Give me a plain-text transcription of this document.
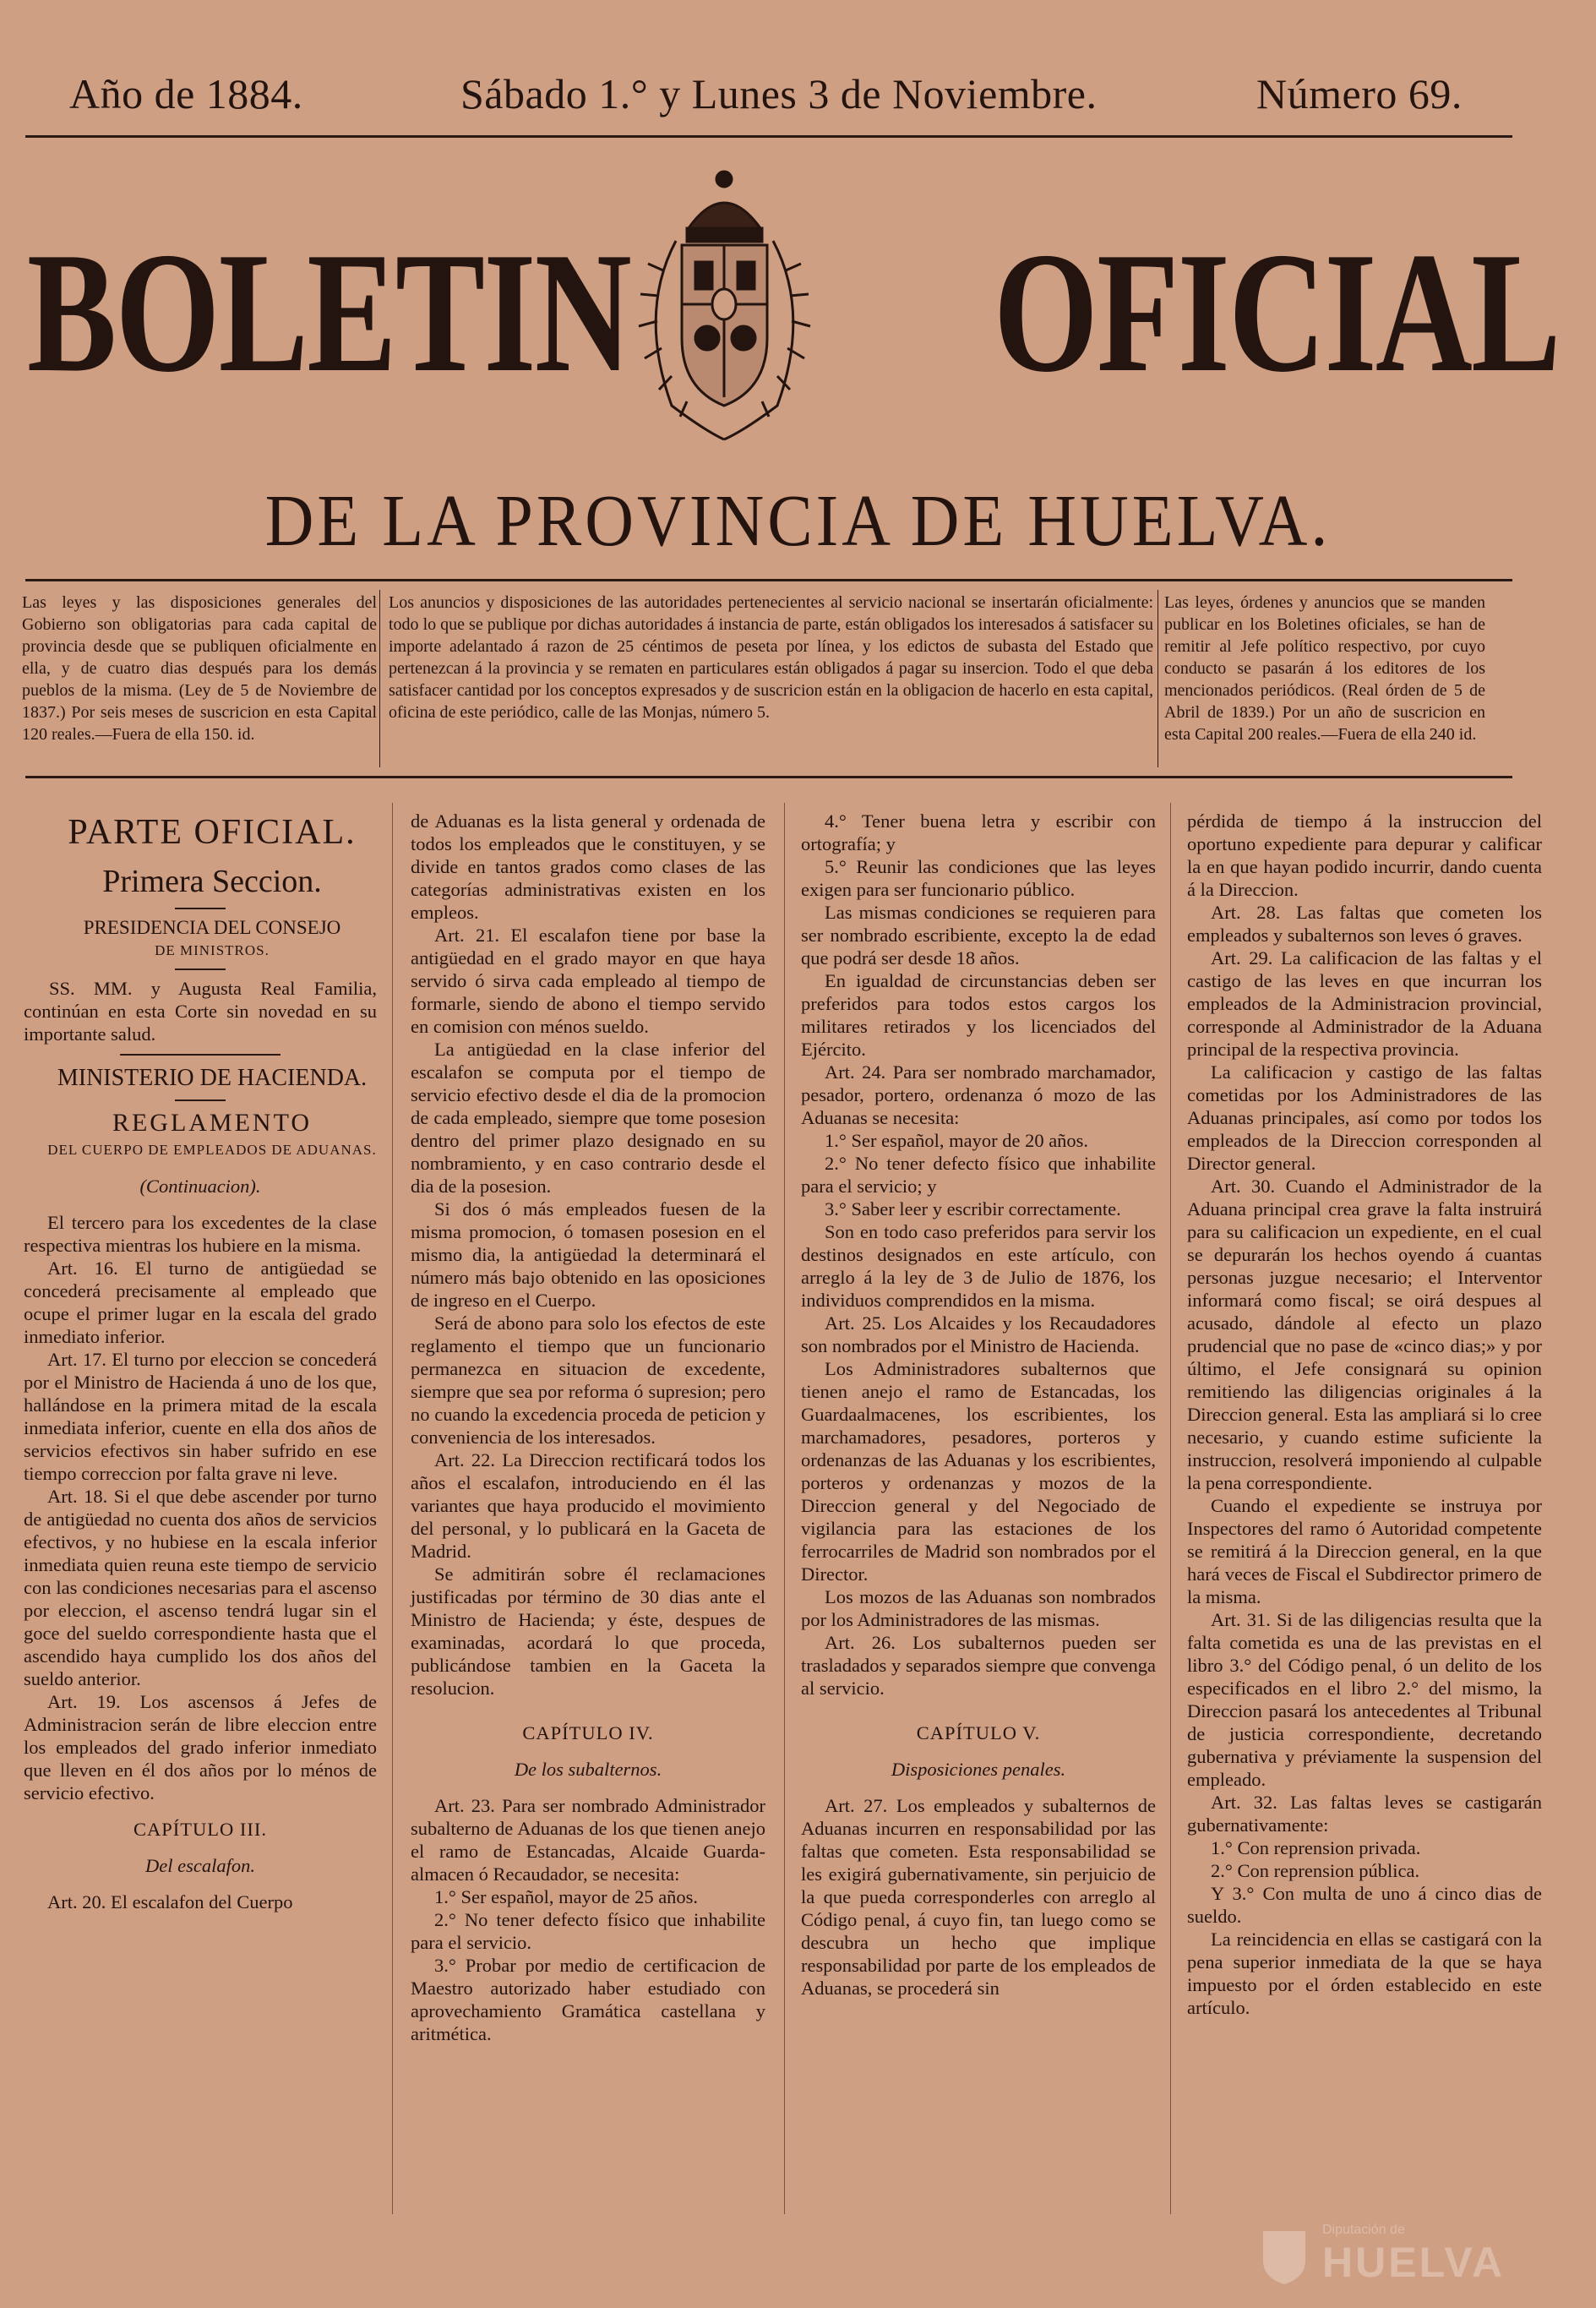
Año de 1884.	Sábado 1.° y Lunes 3 de Noviembre.	Número 69.
BOLETIN OFICIAL
DE LA PROVINCIA DE HUELVA.
Las leyes y las disposiciones generales del Gobierno son obligatorias para cada capital de provincia desde que se publiquen oficialmente en ella, y de cuatro dias después para los demás pueblos de la misma. (Ley de 5 de Noviembre de 1837.) Por seis meses de suscricion en esta Capital 120 reales.—Fuera de ella 150. id.
Los anuncios y disposiciones de las autoridades pertenecientes al servicio nacional se insertarán oficialmente: todo lo que se publique por dichas autoridades á instancia de parte, están obligados los interesados á satisfacer su importe adelantado á razon de 25 céntimos de peseta por línea, y los edictos de subasta del Estado que pertenezcan á la provincia y se rematen en particulares están obligados á pagar su insercion. Todo el que deba satisfacer cantidad por los conceptos expresados y de suscricion están en la obligacion de hacerlo en esta capital, oficina de este periódico, calle de las Monjas, número 5.
Las leyes, órdenes y anuncios que se manden publicar en los Boletines oficiales, se han de remitir al Jefe político respectivo, por cuyo conducto se pasarán á los editores de los mencionados periódicos. (Real órden de 5 de Abril de 1839.) Por un año de suscricion en esta Capital 200 reales.—Fuera de ella 240 id.

PARTE OFICIAL.

Primera Seccion.

PRESIDENCIA DEL CONSEJO

DE MINISTROS.

SS. MM. y Augusta Real Familia, continúan en esta Corte sin novedad en su importante salud.

MINISTERIO DE HACIENDA.

REGLAMENTO

DEL CUERPO DE EMPLEADOS DE ADUANAS.

(Continuacion).

El tercero para los excedentes de la clase respectiva mientras los hubiere en la misma.

Art. 16. El turno de antigüedad se concederá precisamente al empleado que ocupe el primer lugar en la escala del grado inmediato inferior.

Art. 17. El turno por eleccion se concederá por el Ministro de Hacienda á uno de los que, hallándose en la primera mitad de la escala inmediata inferior, cuente en ella dos años de servicios efectivos sin haber sufrido en ese tiempo correccion por falta grave ni leve.

Art. 18. Si el que debe ascender por turno de antigüedad no cuenta dos años de servicios efectivos, y no hubiese en la escala inferior inmediata quien reuna este tiempo de servicio con las condiciones necesarias para el ascenso por eleccion, el ascenso tendrá lugar sin el goce del sueldo correspondiente hasta que el ascendido haya cumplido los dos años del sueldo anterior.

Art. 19. Los ascensos á Jefes de Administracion serán de libre eleccion entre los empleados del grado inferior inmediato que lleven en él dos años por lo ménos de servicio efectivo.

CAPÍTULO III.

Del escalafon.

Art. 20. El escalafon del Cuerpo

de Aduanas es la lista general y ordenada de todos los empleados que le constituyen, y se divide en tantos grados como clases de las categorías administrativas existen en los empleos.

Art. 21. El escalafon tiene por base la antigüedad en el grado mayor en que haya servido ó sirva cada empleado al tiempo de formarle, siendo de abono el tiempo servido en comision con ménos sueldo.

La antigüedad en la clase inferior del escalafon se computa por el tiempo de servicio efectivo desde el dia de la promocion de cada empleado, siempre que tome posesion dentro del primer plazo designado en su nombramiento, y en caso contrario desde el dia de la posesion.

Si dos ó más empleados fuesen de la misma promocion, ó tomasen posesion en el mismo dia, la antigüedad la determinará el número más bajo obtenido en las oposiciones de ingreso en el Cuerpo.

Será de abono para solo los efectos de este reglamento el tiempo que un funcionario permanezca en situacion de excedente, siempre que sea por reforma ó supresion; pero no cuando la excedencia proceda de peticion y conveniencia de los interesados.

Art. 22. La Direccion rectificará todos los años el escalafon, introduciendo en él las variantes que haya producido el movimiento del personal, y lo publicará en la Gaceta de Madrid.

Se admitirán sobre él reclamaciones justificadas por término de 30 dias ante el Ministro de Hacienda; y éste, despues de examinadas, acordará lo que proceda, publicándose tambien en la Gaceta la resolucion.

CAPÍTULO IV.

De los subalternos.

Art. 23. Para ser nombrado Administrador subalterno de Aduanas de los que tienen anejo el ramo de Estancadas, Alcaide Guarda-almacen ó Recaudador, se necesita:

1.° Ser español, mayor de 25 años.

2.° No tener defecto físico que inhabilite para el servicio.

3.° Probar por medio de certificacion de Maestro autorizado haber estudiado con aprovechamiento Gramática castellana y aritmética.

4.° Tener buena letra y escribir con ortografía; y

5.° Reunir las condiciones que las leyes exigen para ser funcionario público.

Las mismas condiciones se requieren para ser nombrado escribiente, excepto la de edad que podrá ser desde 18 años.

En igualdad de circunstancias deben ser preferidos para todos estos cargos los militares retirados y los licenciados del Ejército.

Art. 24. Para ser nombrado marchamador, pesador, portero, ordenanza ó mozo de las Aduanas se necesita:

1.° Ser español, mayor de 20 años.

2.° No tener defecto físico que inhabilite para el servicio; y

3.° Saber leer y escribir correctamente.

Son en todo caso preferidos para servir los destinos designados en este artículo, con arreglo á la ley de 3 de Julio de 1876, los individuos comprendidos en la misma.

Art. 25. Los Alcaides y los Recaudadores son nombrados por el Ministro de Hacienda.

Los Administradores subalternos que tienen anejo el ramo de Estancadas, los Guardaalmacenes, los escribientes, los marchamadores, pesadores, porteros y ordenanzas de las Aduanas y los escribientes, porteros y ordenanzas y mozos de la Direccion general y del Negociado de vigilancia para las estaciones de los ferrocarriles de Madrid son nombrados por el Director.

Los mozos de las Aduanas son nombrados por los Administradores de las mismas.

Art. 26. Los subalternos pueden ser trasladados y separados siempre que convenga al servicio.

CAPÍTULO V.

Disposiciones penales.

Art. 27. Los empleados y subalternos de Aduanas incurren en responsabilidad por las faltas que cometen. Esta responsabilidad se les exigirá gubernativamente, sin perjuicio de la que pueda corresponderles con arreglo al Código penal, á cuyo fin, tan luego como se descubra un hecho que implique responsabilidad por parte de los empleados de Aduanas, se procederá sin

pérdida de tiempo á la instruccion del oportuno expediente para depurar y calificar la en que hayan podido incurrir, dando cuenta á la Direccion.

Art. 28. Las faltas que cometen los empleados y subalternos son leves ó graves.

Art. 29. La calificacion de las faltas y el castigo de las leves en que incurran los empleados de la Administracion provincial, corresponde al Administrador de la Aduana principal de la respectiva provincia.

La calificacion y castigo de las faltas cometidas por los Administradores de las Aduanas principales, así como por todos los empleados de la Direccion corresponden al Director general.

Art. 30. Cuando el Administrador de la Aduana principal crea grave la falta instruirá para su calificacion un expediente, en el cual se depurarán los hechos oyendo á cuantas personas juzgue necesario; el Interventor informará como fiscal; se oirá despues al acusado, dándole al efecto un plazo prudencial que no pase de «cinco dias;» y por último, el Jefe consignará su opinion remitiendo las diligencias originales á la Direccion general. Esta las ampliará si lo cree necesario, y cuando estime suficiente la instruccion, resolverá imponiendo al culpable la pena correspondiente.

Cuando el expediente se instruya por Inspectores del ramo ó Autoridad competente se remitirá á la Direccion general, en la que hará veces de Fiscal el Subdirector primero de la misma.

Art. 31. Si de las diligencias resulta que la falta cometida es una de las previstas en el libro 3.° del Código penal, ó un delito de los especificados en el libro 2.° del mismo, la Direccion pasará los antecedentes al Tribunal de justicia correspondiente, decretando gubernativa y préviamente la suspension del empleado.

Art. 32. Las faltas leves se castigarán gubernativamente:

1.° Con reprension privada.

2.° Con reprension pública.

Y 3.° Con multa de uno á cinco dias de sueldo.

La reincidencia en ellas se castigará con la pena superior inmediata de la que se haya impuesto por el órden establecido en este artículo.

Diputación de
HUELVA
